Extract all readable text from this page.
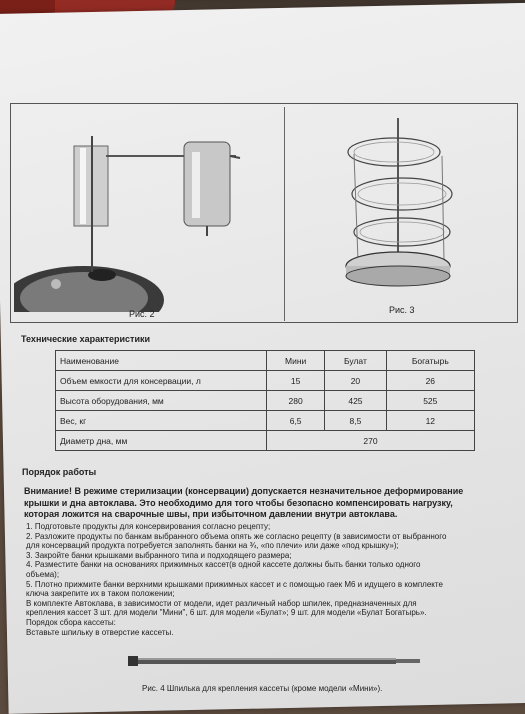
Рис. 2	Рис. 3
Технические характеристики
Наименование	Мини	Булат	Богатырь
Объем емкости для консервации, л	15	20	26
Высота оборудования, мм	280	425	525
Вес, кг	6,5	8,5	12
Диаметр дна, мм	270		
Порядок работы
Внимание! В режиме стерилизации (консервации) допускается незначительное деформирование
крышки и дна автоклава. Это необходимо для того чтобы безопасно компенсировать нагрузку,
которая ложится на сварочные швы, при избыточном давлении внутри автоклава.
1. Подготовьте продукты для консервирования согласно рецепту;
2. Разложите продукты по банкам выбранного объема опять же согласно рецепту (в зависимости от выбранного
для консерваций продукта потребуется заполнять банки на ¾, «по плечи» или даже «под крышку»);
3. Закройте банки крышками выбранного типа и подходящего размера;
4. Разместите банки на основаниях прижимных кассет(в одной кассете должны быть банки только одного
объема);
5. Плотно прижмите банки верхними крышками прижимных кассет и с помощью гаек М6 и идущего в комплекте
ключа закрепите их в таком положении;
В комплекте Автоклава, в зависимости от модели, идет различный набор шпилек, предназначенных для
крепления кассет 3 шт. для модели "Мини", 6 шт. для модели «Булат»; 9 шт. для модели «Булат Богатырь».
Порядок сбора кассеты:
Вставьте шпильку в отверстие кассеты.
Рис. 4 Шпилька для крепления кассеты (кроме модели «Мини»).
